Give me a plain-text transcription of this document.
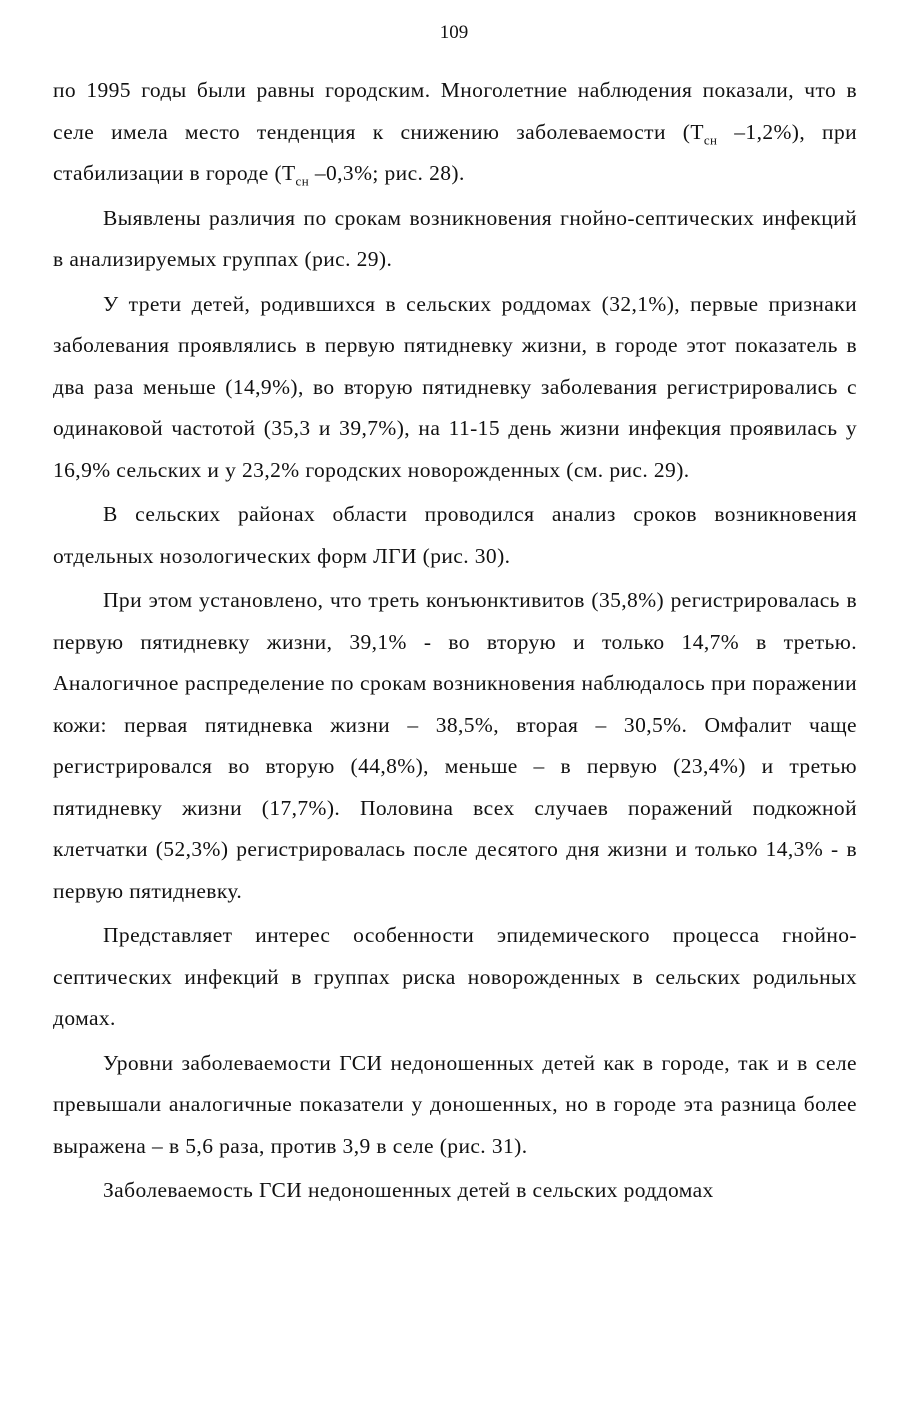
109

по 1995 годы были равны городским. Многолетние наблюдения показали, что в селе имела место тенденция к снижению заболеваемости ($Т_{сн}$ –1,2%), при стабилизации в городе ($Т_{сн}$ –0,3%; рис. 28).

Выявлены различия по срокам возникновения гнойно-септических инфекций в анализируемых группах (рис. 29).

У трети детей, родившихся в сельских роддомах (32,1%), первые признаки заболевания проявлялись в первую пятидневку жизни, в городе этот показатель в два раза меньше (14,9%), во вторую пятидневку заболевания регистрировались с одинаковой частотой (35,3 и 39,7%), на 11-15 день жизни инфекция проявилась у 16,9% сельских и у 23,2% городских новорожденных (см. рис. 29).

В сельских районах области проводился анализ сроков возникновения отдельных нозологических форм ЛГИ (рис. 30).

При этом установлено, что треть конъюнктивитов (35,8%) регистрировалась в первую пятидневку жизни, 39,1% - во вторую и только 14,7% в третью. Аналогичное распределение по срокам возникновения наблюдалось при поражении кожи: первая пятидневка жизни – 38,5%, вторая – 30,5%. Омфалит чаще регистрировался во вторую (44,8%), меньше – в первую (23,4%) и третью пятидневку жизни (17,7%). Половина всех случаев поражений подкожной клетчатки (52,3%) регистрировалась после десятого дня жизни и только 14,3% - в первую пятидневку.

Представляет интерес особенности эпидемического процесса гнойно-септических инфекций в группах риска новорожденных в сельских родильных домах.

Уровни заболеваемости ГСИ недоношенных детей как в городе, так и в селе превышали аналогичные показатели у доношенных, но в городе эта разница более выражена – в 5,6 раза, против 3,9 в селе (рис. 31).

Заболеваемость ГСИ недоношенных детей в сельских роддомах
